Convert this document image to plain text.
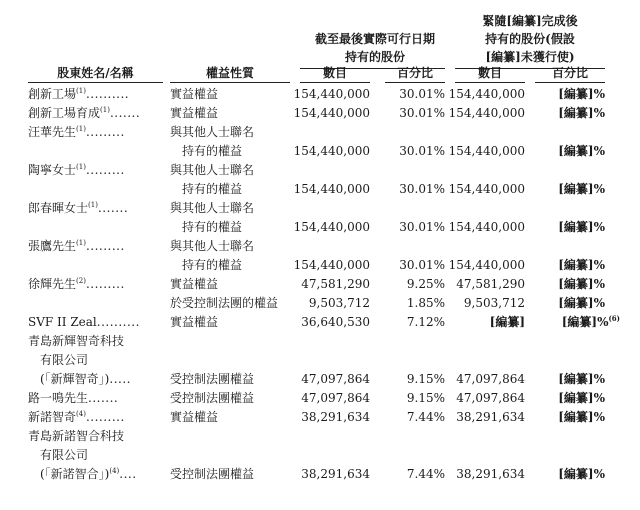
截至最後實際可行日期
持有的股份
緊隨[編纂]完成後
持有的股份(假設
[編纂]未獲行使)
股東姓名/名稱	權益性質	數目	百分比	數目	百分比
創新工場$^{(1)}$..........	實益權益	154,440,000	30.01% 154,440,000	[編纂]%
創新工場育成$^{(1)}$....... 實益權益	154,440,000	30.01% 154,440,000	[編纂]%
汪華先生$^{(1)}$.........	與其他人士聯名
持有的權益	154,440,000	30.01% 154,440,000	[編纂]%
陶寧女士$^{(1)}$.........	與其他人士聯名
持有的權益	154,440,000	30.01% 154,440,000	[編纂]%
郎春暉女士$^{(1)}$.......	與其他人士聯名
持有的權益	154,440,000	30.01% 154,440,000	[編纂]%
張鷹先生$^{(1)}$.........	與其他人士聯名
持有的權益	154,440,000	30.01% 154,440,000	[編纂]%
徐輝先生$^{(2)}$.........	實益權益	47,581,290	9.25% 47,581,290	[編纂]%
於受控制法團的權益	9,503,712	1.85%	9,503,712	[編纂]%
SVF II Zeal..........	實益權益	36,640,530	7.12%	[編纂]	[編纂]%$^{(6)}$
青島新輝智奇科技
有限公司
(「新輝智奇」).....	受控制法團權益	47,097,864	9.15% 47,097,864	[編纂]%
路一鳴先生.......	受控制法團權益	47,097,864	9.15% 47,097,864	[編纂]%
新諾智奇$^{(4)}$.........	實益權益	38,291,634	7.44% 38,291,634	[編纂]%
青島新諾智合科技
有限公司
(「新諾智合」)$^{(4)}$....	受控制法團權益	38,291,634	7.44% 38,291,634	[編纂]%
